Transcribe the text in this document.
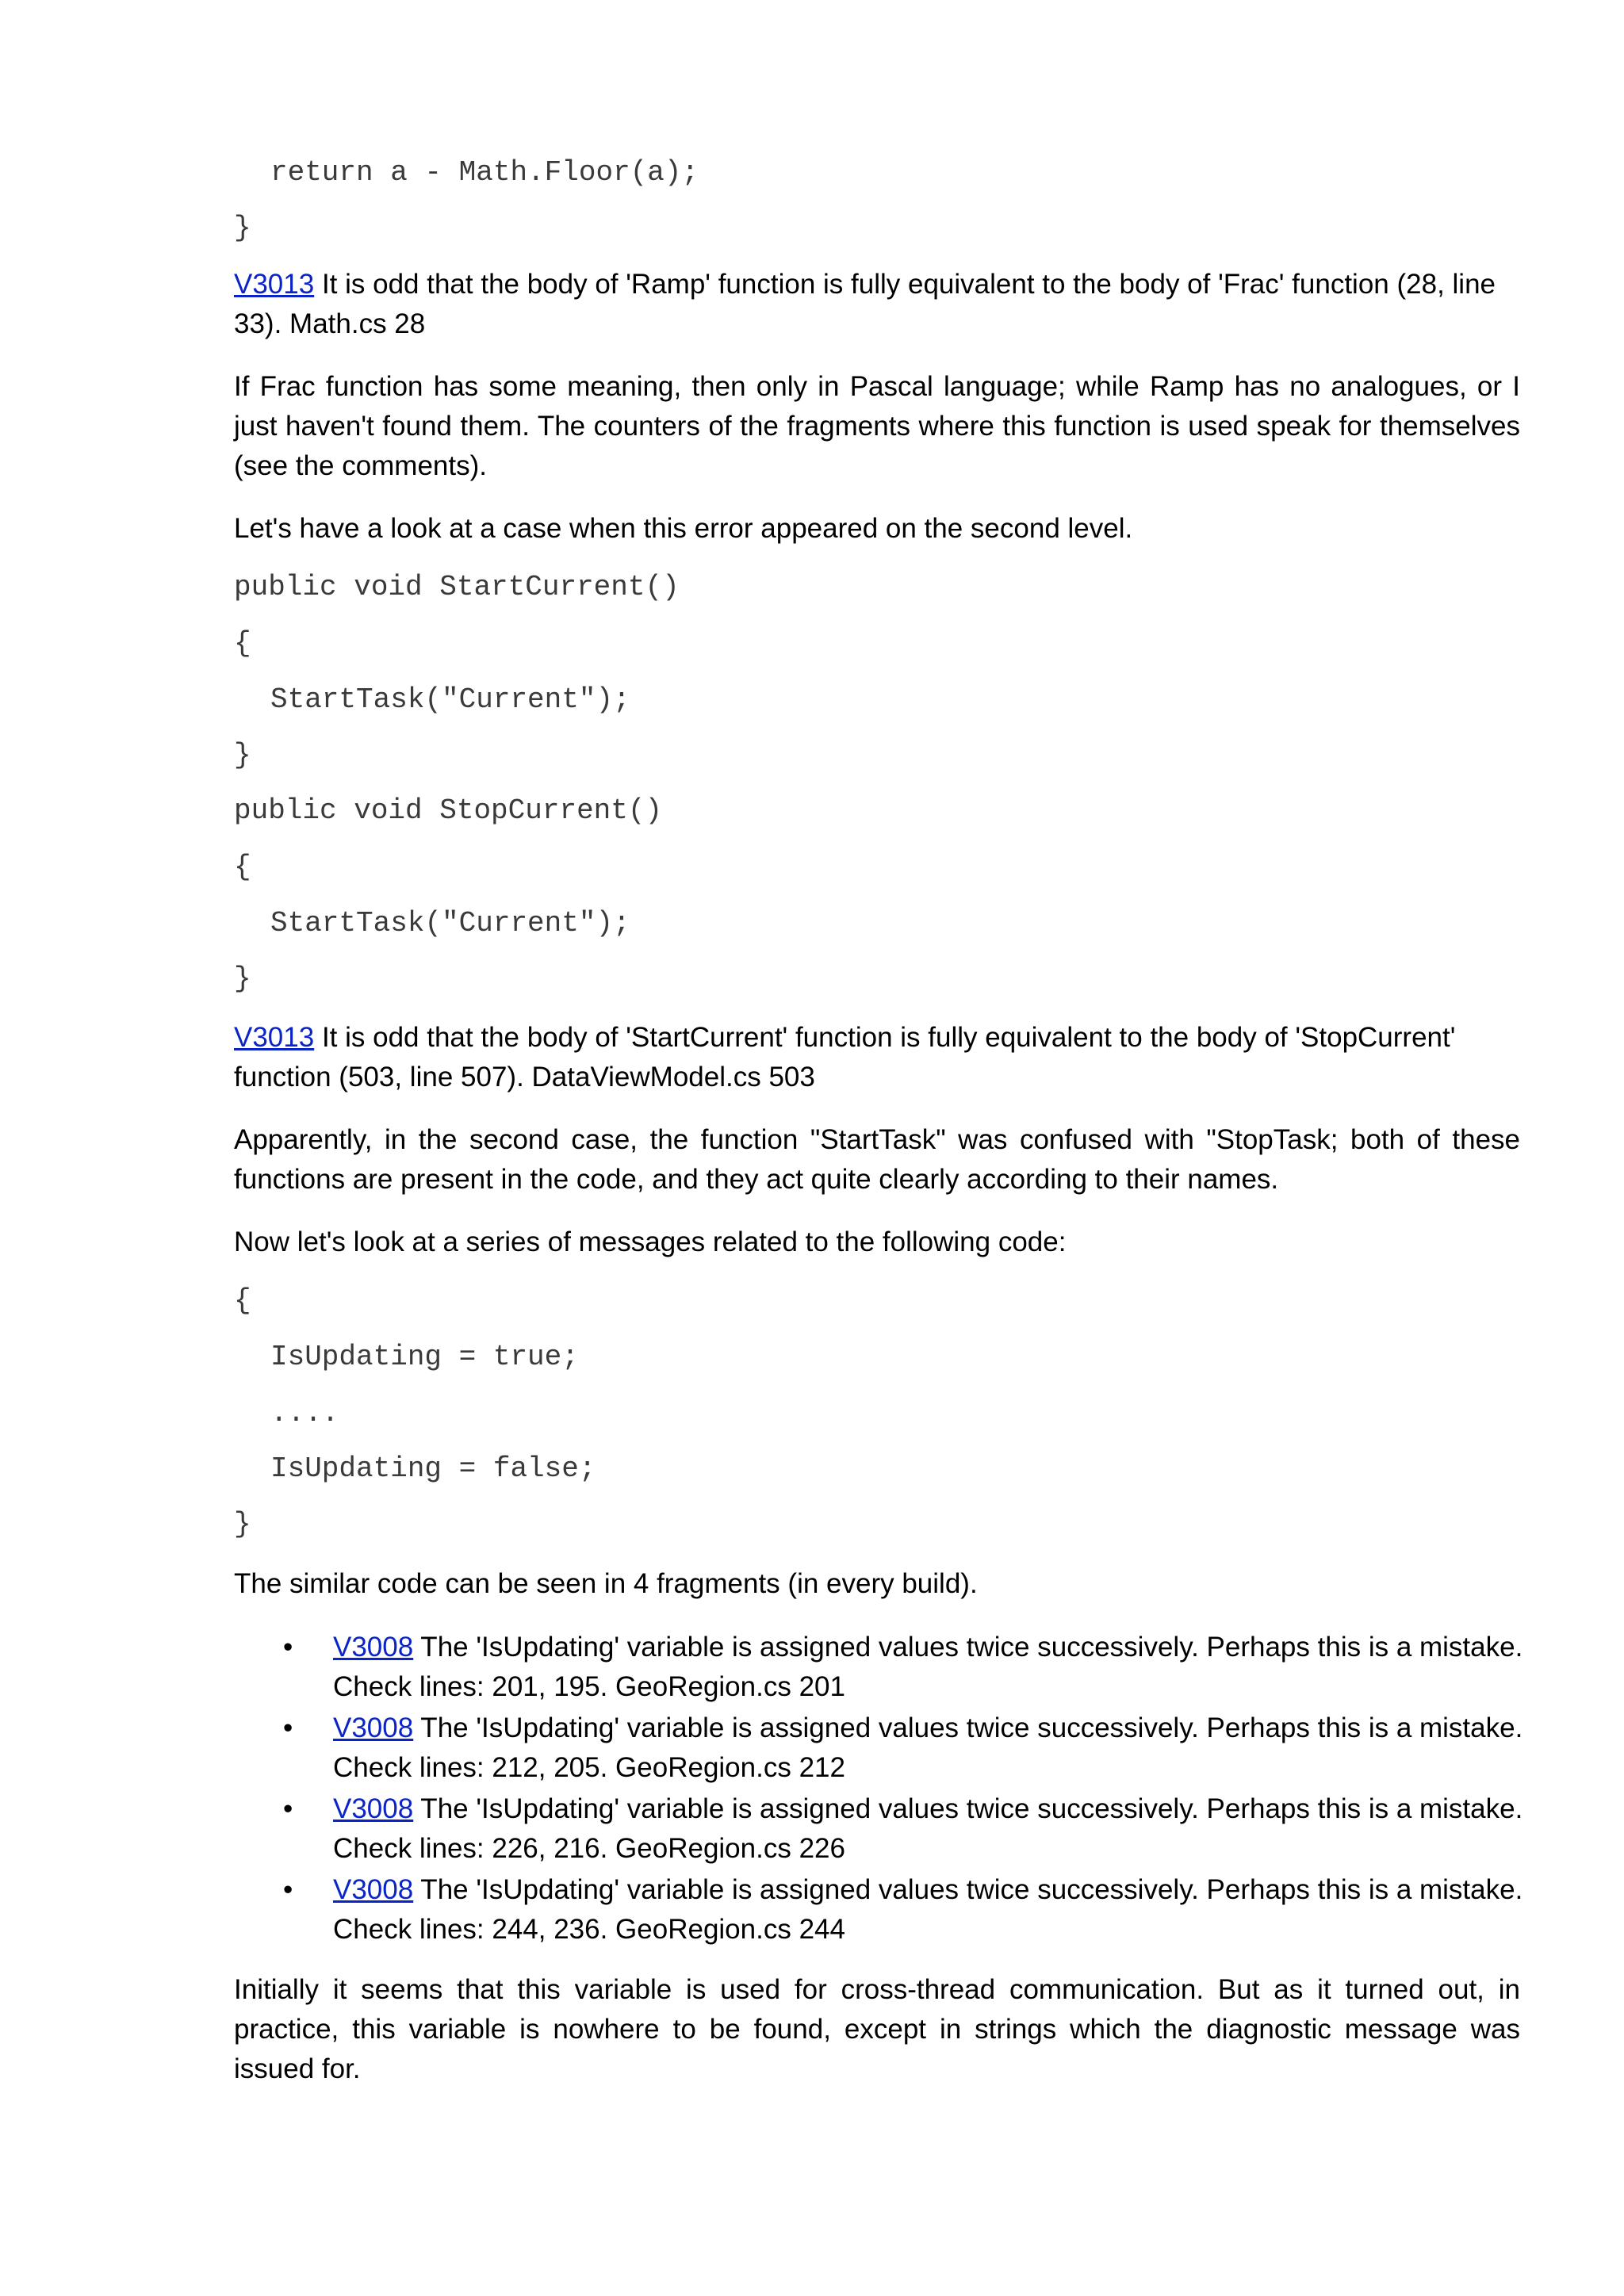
return a - Math.Floor(a);
}

V3013 It is odd that the body of 'Ramp' function is fully equivalent to the body of 'Frac' function (28, line 33). Math.cs 28

If Frac function has some meaning, then only in Pascal language; while Ramp has no analogues, or I just haven't found them. The counters of the fragments where this function is used speak for themselves (see the comments).

Let's have a look at a case when this error appeared on the second level.

public void StartCurrent()
{
StartTask("Current");
}
public void StopCurrent()
{
StartTask("Current");
}

V3013 It is odd that the body of 'StartCurrent' function is fully equivalent to the body of 'StopCurrent'
function (503, line 507). DataViewModel.cs 503

Apparently, in the second case, the function "StartTask" was confused with "StopTask; both of these functions are present in the code, and they act quite clearly according to their names.

Now let's look at a series of messages related to the following code:

{
IsUpdating = true;
....
IsUpdating = false;
}

The similar code can be seen in 4 fragments (in every build).

•	V3008 The 'IsUpdating' variable is assigned values twice successively. Perhaps this is a mistake.
Check lines: 201, 195. GeoRegion.cs 201
•	V3008 The 'IsUpdating' variable is assigned values twice successively. Perhaps this is a mistake.
Check lines: 212, 205. GeoRegion.cs 212
•	V3008 The 'IsUpdating' variable is assigned values twice successively. Perhaps this is a mistake.
Check lines: 226, 216. GeoRegion.cs 226
•	V3008 The 'IsUpdating' variable is assigned values twice successively. Perhaps this is a mistake.
Check lines: 244, 236. GeoRegion.cs 244

Initially it seems that this variable is used for cross-thread communication. But as it turned out, in practice, this variable is nowhere to be found, except in strings which the diagnostic message was issued for.
